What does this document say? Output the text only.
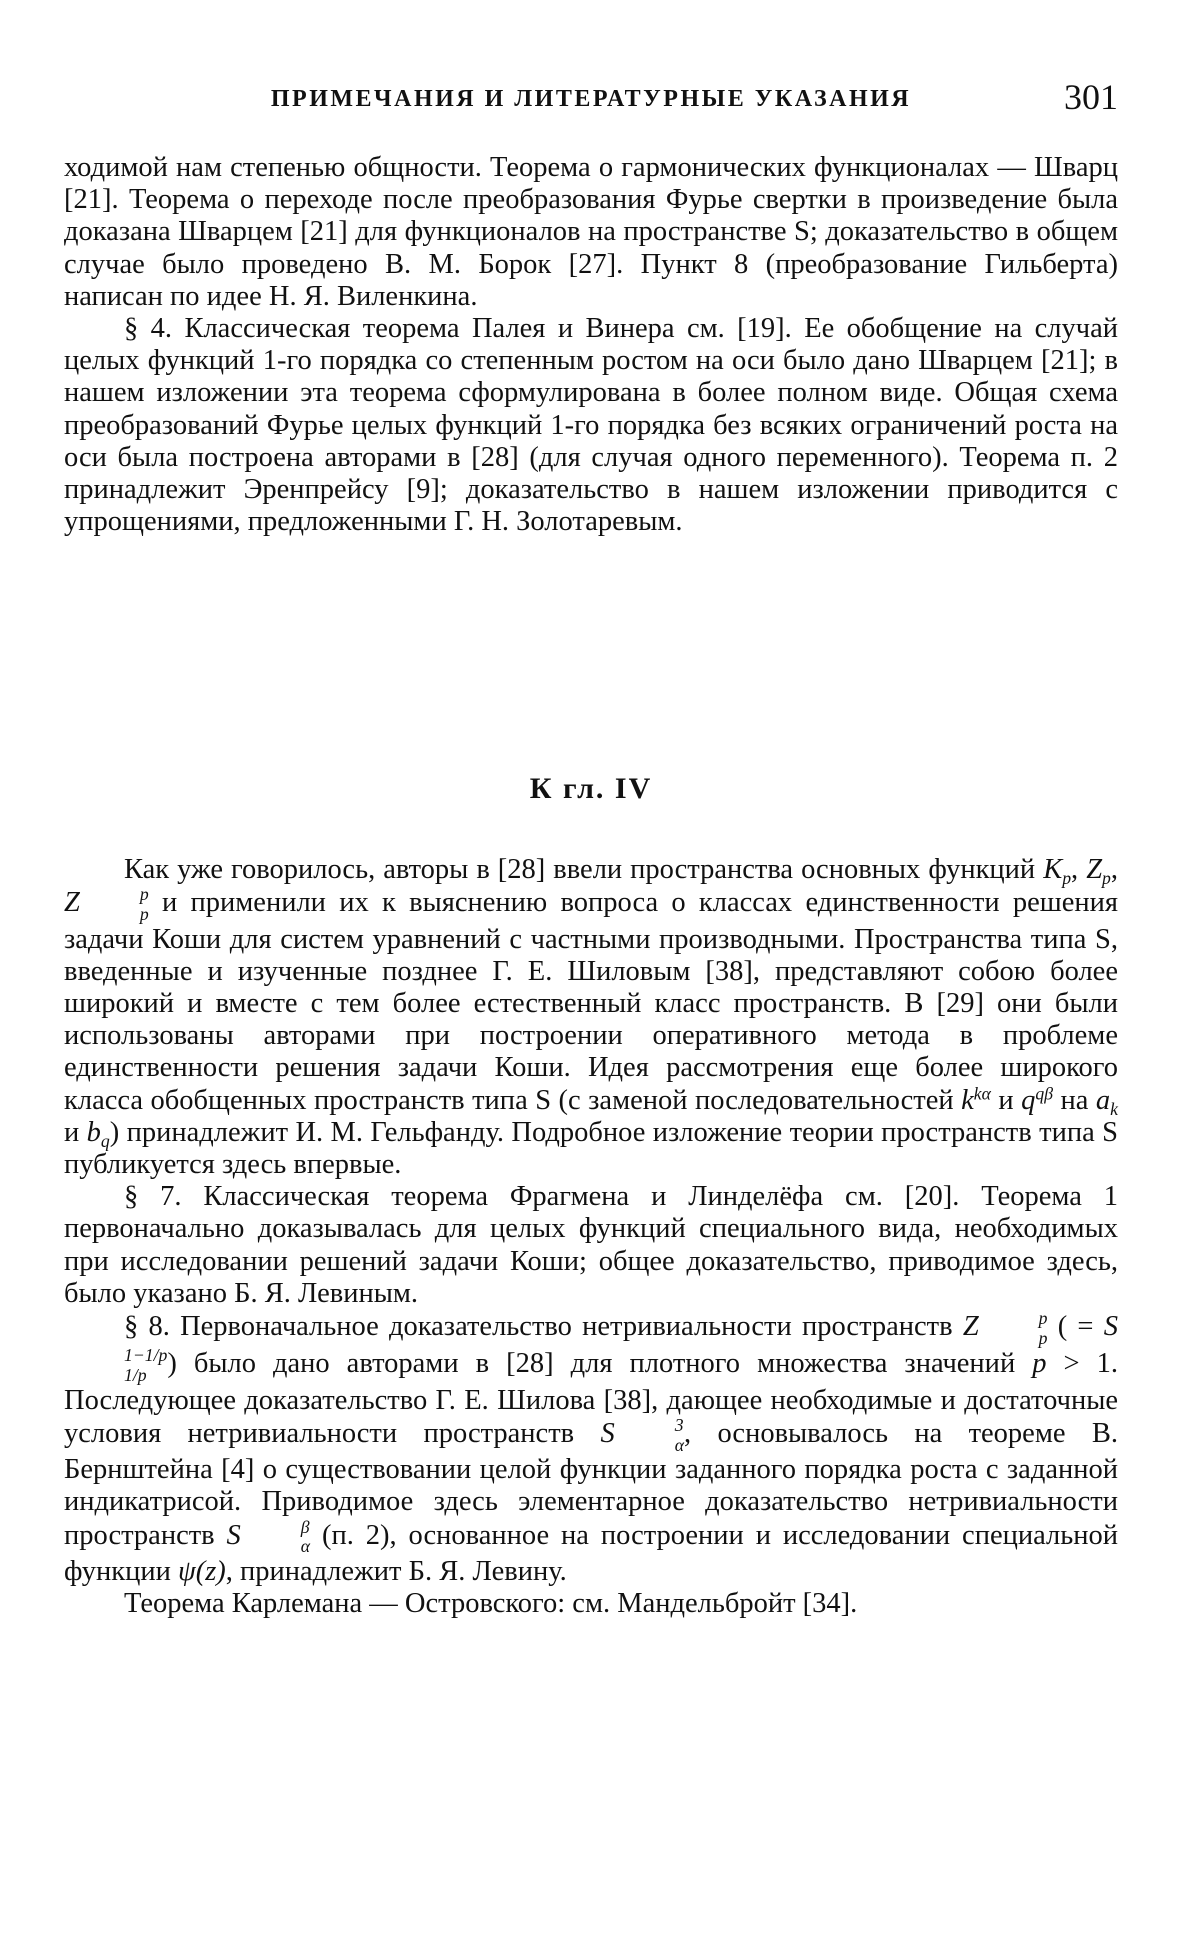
ПРИМЕЧАНИЯ И ЛИТЕРАТУРНЫЕ УКАЗАНИЯ	301

ходимой нам степенью общности. Теорема о гармонических функционалах — Шварц [21]. Теорема о переходе после преобразования Фурье свертки в произведение была доказана Шварцем [21] для функционалов на пространстве S; доказательство в общем случае было проведено В. М. Борок [27]. Пункт 8 (преобразование Гильберта) написан по идее Н. Я. Виленкина.

§ 4. Классическая теорема Палея и Винера см. [19]. Ее обобщение на случай целых функций 1-го порядка со степенным ростом на оси было дано Шварцем [21]; в нашем изложении эта теорема сформулирована в более полном виде. Общая схема преобразований Фурье целых функций 1-го порядка без всяких ограничений роста на оси была построена авторами в [28] (для случая одного переменного). Теорема п. 2 принадлежит Эренпрейсу [9]; доказательство в нашем изложении приводится с упрощениями, предложенными Г. Н. Золотаревым.

К гл. IV

Как уже говорилось, авторы в [28] ввели пространства основных функций $K_p$, $Z_p$, Z	p
p и применили их к выяснению вопроса о классах единственности решения задачи Коши для систем уравнений с частными производными. Пространства типа S, введенные и изученные позднее Г. Е. Шиловым [38], представляют собою более широкий и вместе с тем более естественный класс пространств. В [29] они были использованы авторами при построении оперативного метода в проблеме единственности решения задачи Коши. Идея рассмотрения еще более широкого класса обобщенных пространств типа S (с заменой последовательностей $k^{k\alpha}$ и $q^{q\beta}$ на $a_k$ и $b_q$) принадлежит И. М. Гельфанду. Подробное изложение теории пространств типа S публикуется здесь впервые.

§ 7. Классическая теорема Фрагмена и Линделёфа см. [20]. Теорема 1 первоначально доказывалась для целых функций специального вида, необходимых при исследовании решений задачи Коши; общее доказательство, приводимое здесь, было указано Б. Я. Левиным.

§ 8. Первоначальное доказательство нетривиальности пространств Z	p
p ( = S
1−1/p
1/p ) было дано авторами в [28] для плотного множества значений p > 1. Последующее доказательство Г. Е. Шилова [38], дающее необходимые и достаточные условия нетривиальности пространств S	3
α , основывалось на теореме В. Бернштейна [4] о существовании целой функции заданного порядка роста с заданной индикатрисой. Приводимое здесь элементарное доказательство нетривиальности пространств S	β
α (п. 2), основанное на построении и исследовании специальной функции ψ(z), принадлежит Б. Я. Левину.

Теорема Карлемана — Островского: см. Мандельбройт [34].
